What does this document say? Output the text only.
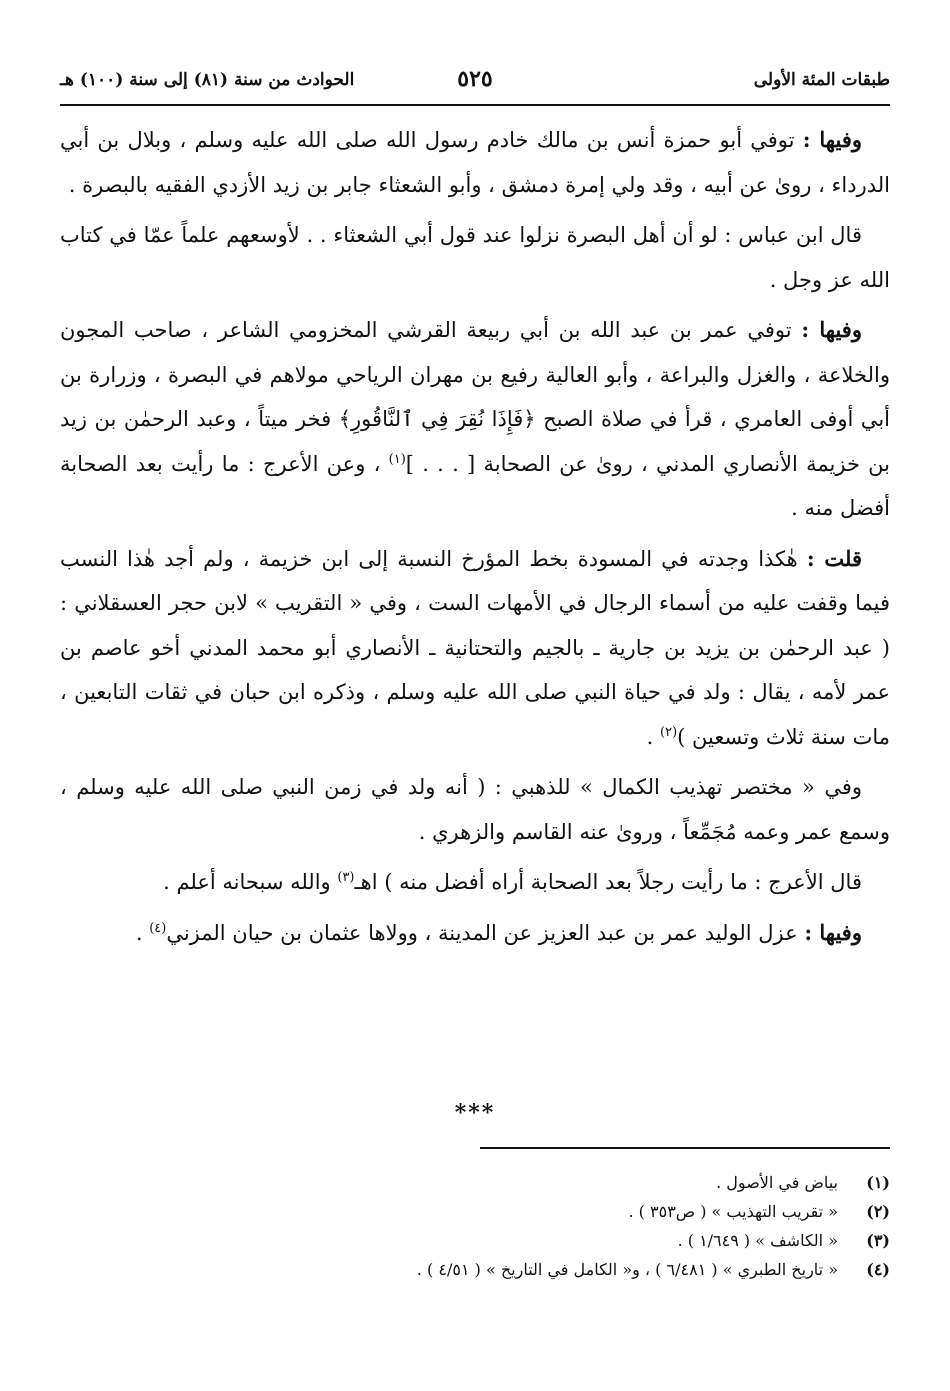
طبقات المئة الأولى
٥٢٥
الحوادث من سنة (٨١) إلى سنة (١٠٠) هـ

وفيها : توفي أبو حمزة أنس بن مالك خادم رسول الله صلى الله عليه وسلم ، وبلال بن أبي الدرداء ، روىٰ عن أبيه ، وقد ولي إمرة دمشق ، وأبو الشعثاء جابر بن زيد الأزدي الفقيه بالبصرة .

قال ابن عباس : لو أن أهل البصرة نزلوا عند قول أبي الشعثاء . . لأوسعهم علماً عمّا في كتاب الله عز وجل .

وفيها : توفي عمر بن عبد الله بن أبي ربيعة القرشي المخزومي الشاعر ، صاحب المجون والخلاعة ، والغزل والبراعة ، وأبو العالية رفيع بن مهران الرياحي مولاهم في البصرة ، وزرارة بن أبي أوفى العامري ، قرأ في صلاة الصبح ﴿فَإِذَا نُقِرَ فِي ٱلنَّاقُورِ﴾ فخر ميتاً ، وعبد الرحمٰن بن زيد بن خزيمة الأنصاري المدني ، روىٰ عن الصحابة [ . . . ]$^{(١)}$ ، وعن الأعرج : ما رأيت بعد الصحابة أفضل منه .

قلت : هٰكذا وجدته في المسودة بخط المؤرخ النسبة إلى ابن خزيمة ، ولم أجد هٰذا النسب فيما وقفت عليه من أسماء الرجال في الأمهات الست ، وفي « التقريب » لابن حجر العسقلاني : ( عبد الرحمٰن بن يزيد بن جارية ـ بالجيم والتحتانية ـ الأنصاري أبو محمد المدني أخو عاصم بن عمر لأمه ، يقال : ولد في حياة النبي صلى الله عليه وسلم ، وذكره ابن حبان في ثقات التابعين ، مات سنة ثلاث وتسعين )$^{(٢)}$ .

وفي « مختصر تهذيب الكمال » للذهبي : ( أنه ولد في زمن النبي صلى الله عليه وسلم ، وسمع عمر وعمه مُجَمِّعاً ، وروىٰ عنه القاسم والزهري .

قال الأعرج : ما رأيت رجلاً بعد الصحابة أراه أفضل منه ) اهـ$^{(٣)}$ والله سبحانه أعلم .

وفيها : عزل الوليد عمر بن عبد العزيز عن المدينة ، وولاها عثمان بن حيان المزني$^{(٤)}$ .

***
(١)
بياض في الأصول .
(٢)
« تقريب التهذيب » ( ص٣٥٣ ) .
(٣)
« الكاشف » ( ١/٦٤٩ ) .
(٤)
« تاريخ الطبري » ( ٦/٤٨١ ) ، و« الكامل في التاريخ » ( ٤/٥١ ) .
